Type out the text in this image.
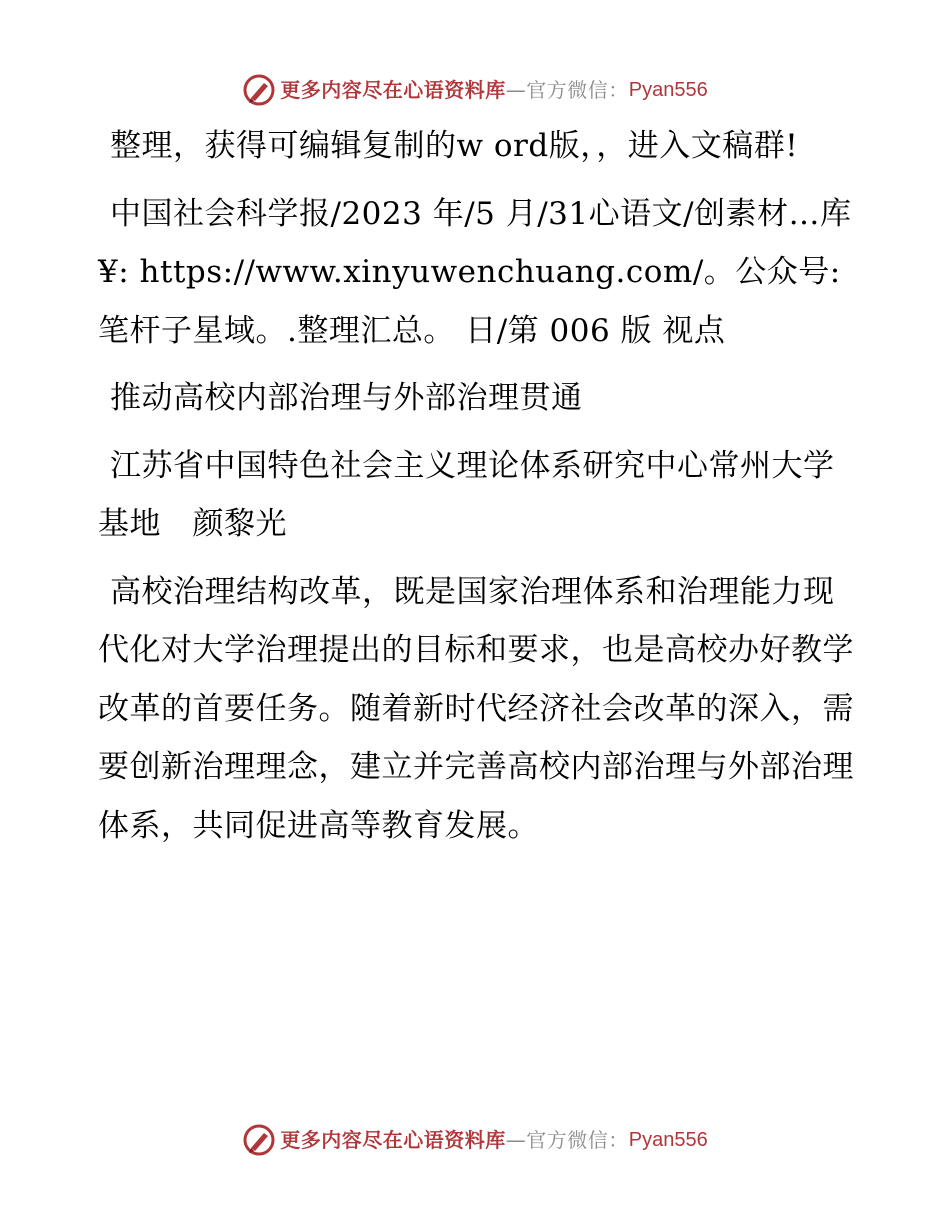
更多内容尽在心语资料库 —官方微信： Pyan556

整理，获得可编辑复制的w ord版，，进入文稿群!

中国社会科学报/2023 年/5 月/31心语文/创素材…库¥: https://www.xinyuwenchuang.com/。公众号: 笔杆子星域。.整理汇总。 日/第 006 版 视点

推动高校内部治理与外部治理贯通

江苏省中国特色社会主义理论体系研究中心常州大学基地　颜黎光

高校治理结构改革，既是国家治理体系和治理能力现代化对大学治理提出的目标和要求，也是高校办好教学改革的首要任务。随着新时代经济社会改革的深入，需要创新治理理念，建立并完善高校内部治理与外部治理体系，共同促进高等教育发展。

更多内容尽在心语资料库 —官方微信： Pyan556
